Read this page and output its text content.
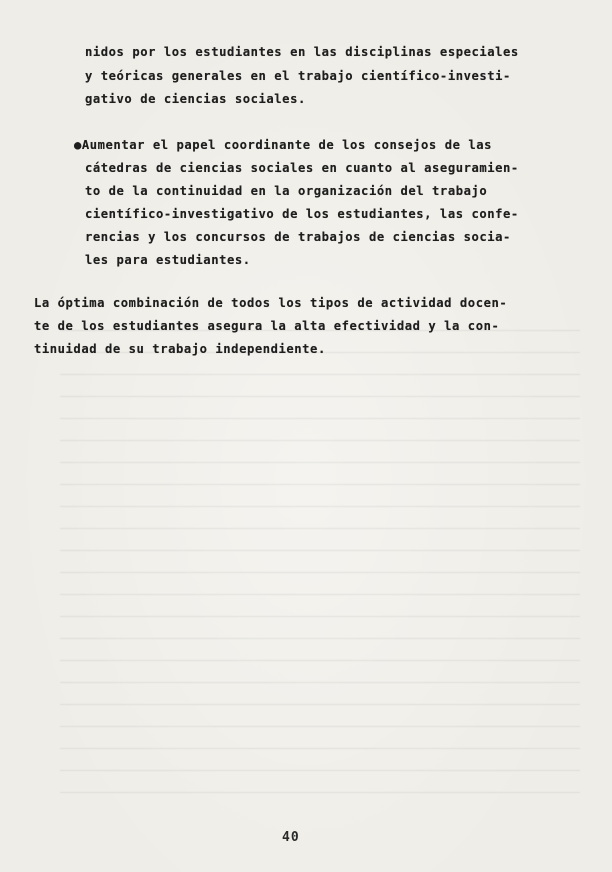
nidos por los estudiantes en las disciplinas especiales
y teóricas generales en el trabajo científico-investi-
gativo de ciencias sociales.
●Aumentar el papel coordinante de los consejos de las
cátedras de ciencias sociales en cuanto al aseguramien-
to de la continuidad en la organización del trabajo
científico-investigativo de los estudiantes, las confe-
rencias y los concursos de trabajos de ciencias socia-
les para estudiantes.
La óptima combinación de todos los tipos de actividad docen-
te de los estudiantes asegura la alta efectividad y la con-
tinuidad de su trabajo independiente.
40
